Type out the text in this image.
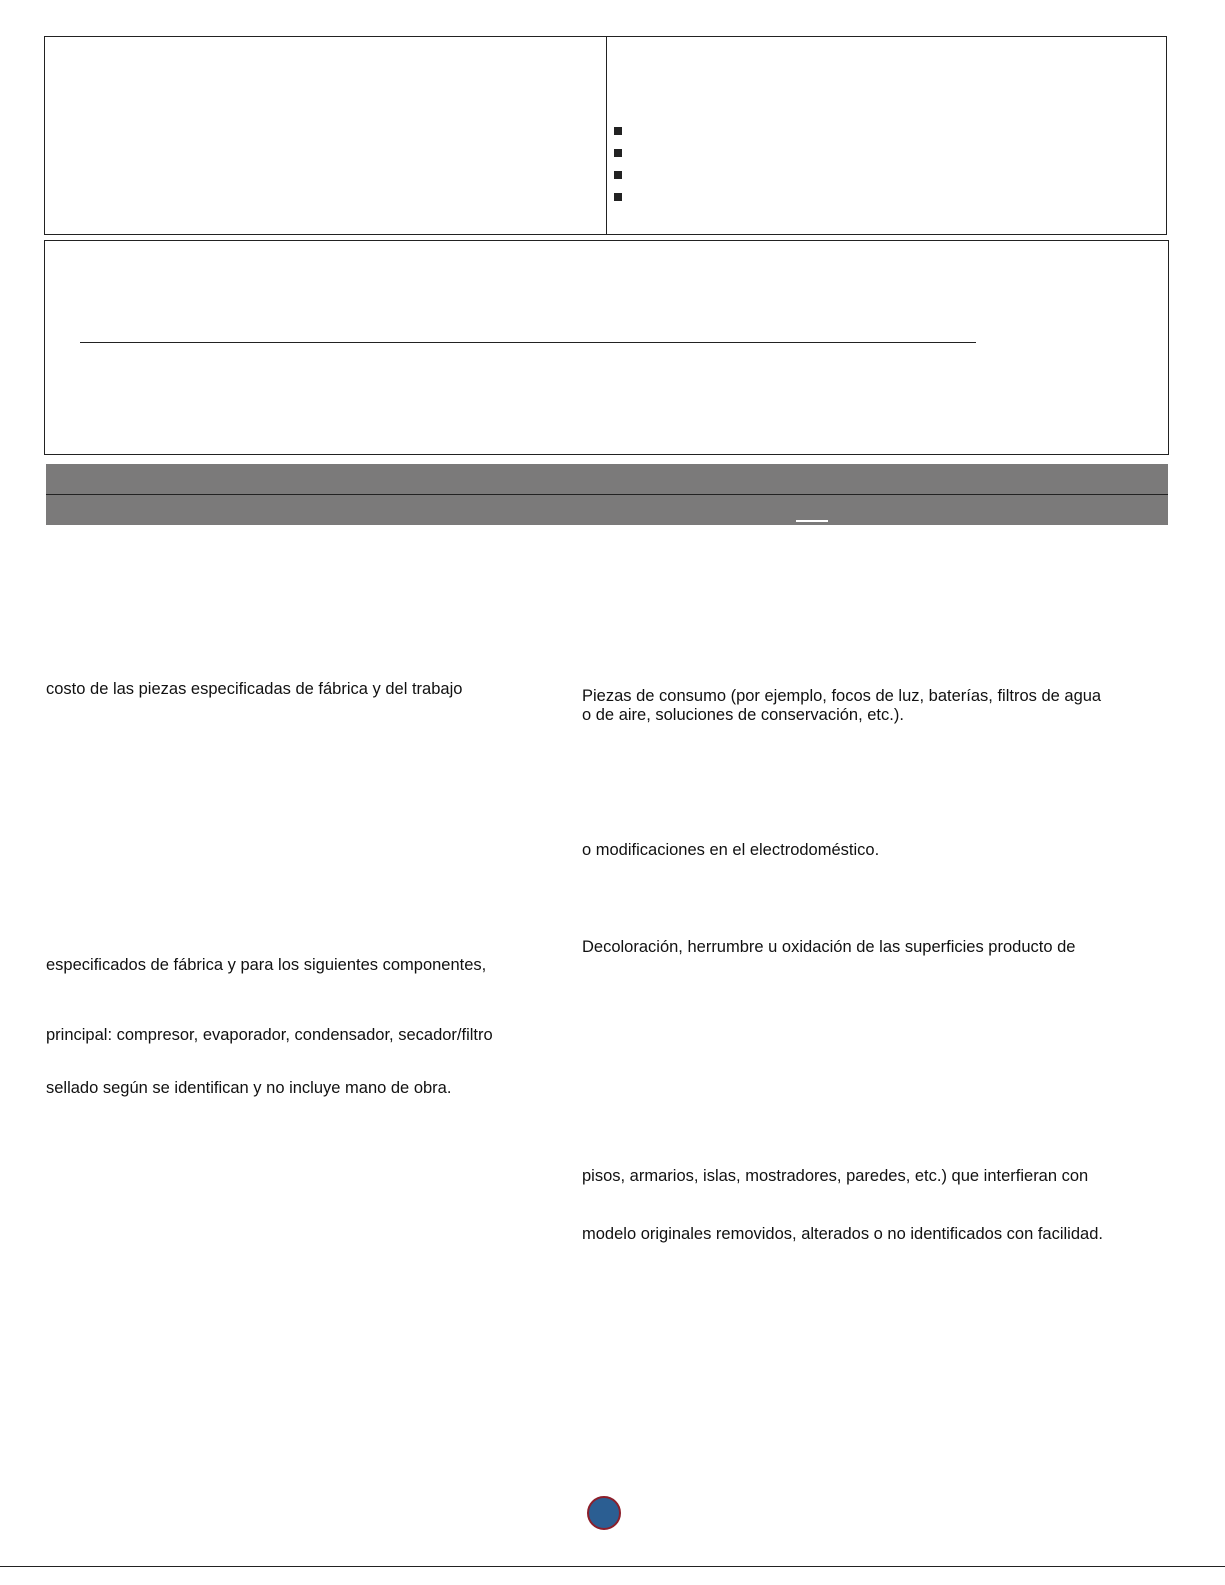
costo de las piezas especificadas de fábrica y del trabajo
especificados de fábrica y para los siguientes componentes,
principal: compresor, evaporador, condensador, secador/filtro
sellado según se identifican y no incluye mano de obra.
Piezas de consumo (por ejemplo, focos de luz, baterías, filtros de agua
o de aire, soluciones de conservación, etc.).
o modificaciones en el electrodoméstico.
Decoloración, herrumbre u oxidación de las superficies producto de
pisos, armarios, islas, mostradores, paredes, etc.) que interfieran con
modelo originales removidos, alterados o no identificados con facilidad.
